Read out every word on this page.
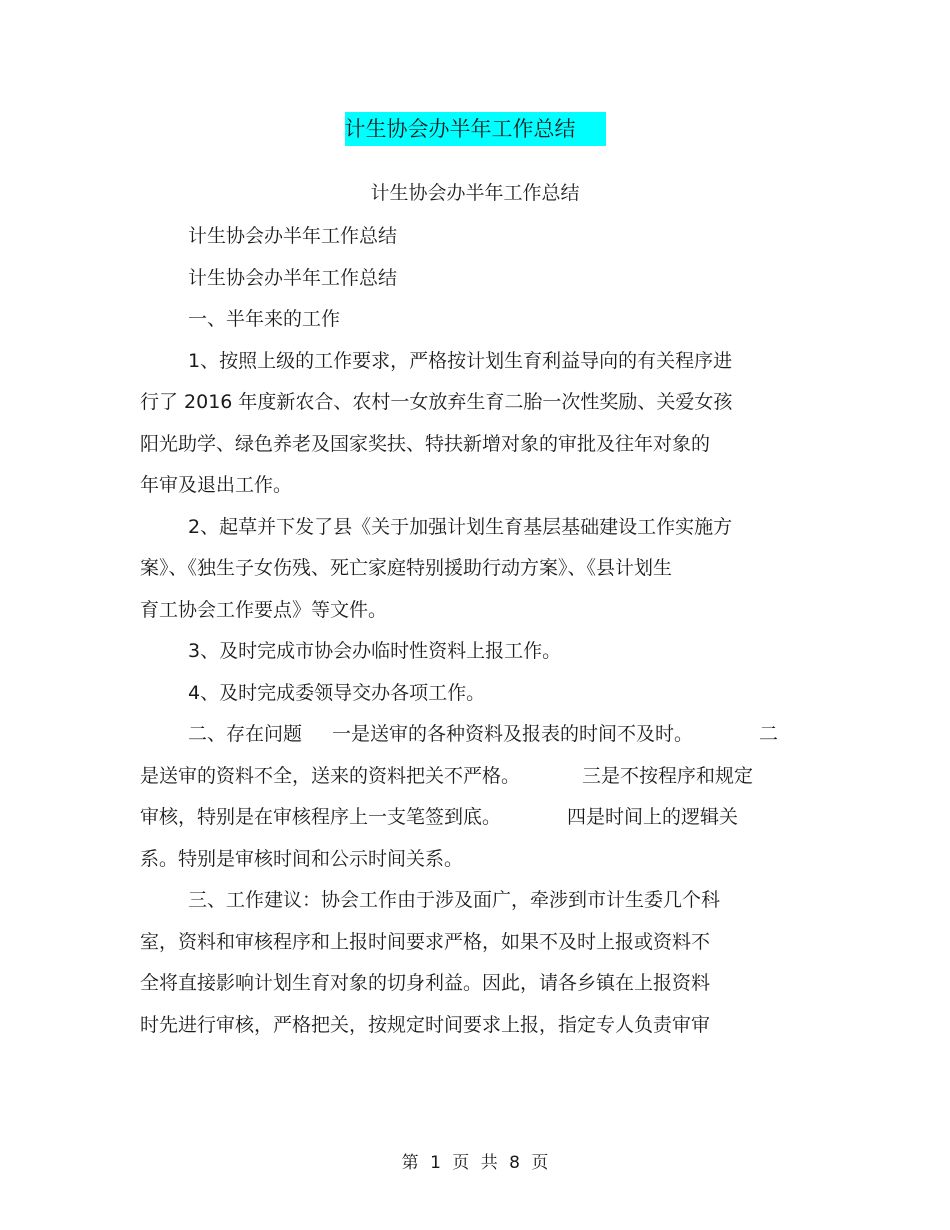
计生协会办半年工作总结
计生协会办半年工作总结
计生协会办半年工作总结
计生协会办半年工作总结
一、半年来的工作
1、按照上级的工作要求，严格按计划生育利益导向的有关程序进
行了 2016 年度新农合、农村一女放弃生育二胎一次性奖励、关爱女孩
阳光助学、绿色养老及国家奖扶、特扶新增对象的审批及往年对象的
年审及退出工作。
2、起草并下发了县《关于加强计划生育基层基础建设工作实施方
案》、《独生子女伤残、死亡家庭特别援助行动方案》、《县计划生
育工协会工作要点》等文件。
3、及时完成市协会办临时性资料上报工作。
4、及时完成委领导交办各项工作。
二、存在问题 一是送审的各种资料及报表的时间不及时。	二
是送审的资料不全，送来的资料把关不严格。	三是不按程序和规定
审核，特别是在审核程序上一支笔签到底。	四是时间上的逻辑关
系。特别是审核时间和公示时间关系。
三、工作建议：协会工作由于涉及面广，牵涉到市计生委几个科
室，资料和审核程序和上报时间要求严格，如果不及时上报或资料不
全将直接影响计划生育对象的切身利益。因此，请各乡镇在上报资料
时先进行审核，严格把关，按规定时间要求上报，指定专人负责审审
第 1 页 共 8 页
